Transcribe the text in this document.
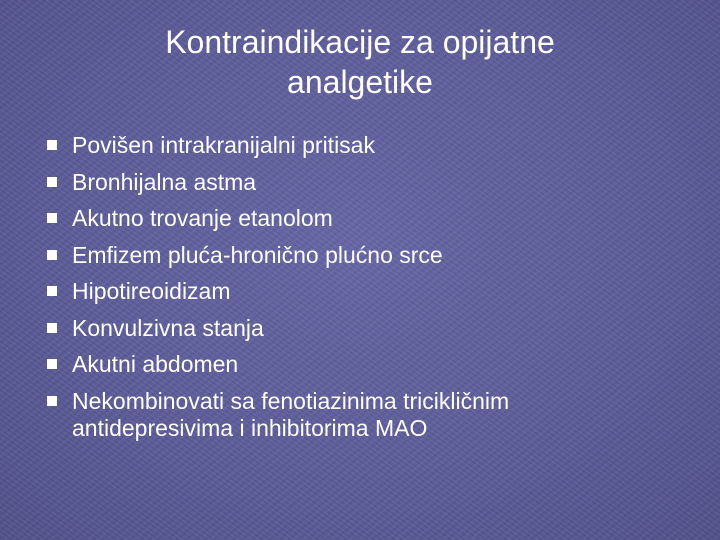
Kontraindikacije za opijatne
analgetike
Povišen intrakranijalni pritisak
Bronhijalna astma
Akutno trovanje etanolom
Emfizem pluća-hronično plućno srce
Hipotireoidizam
Konvulzivna stanja
Akutni abdomen
Nekombinovati sa fenotiazinima tricikličnim
antidepresivima i inhibitorima MAO
